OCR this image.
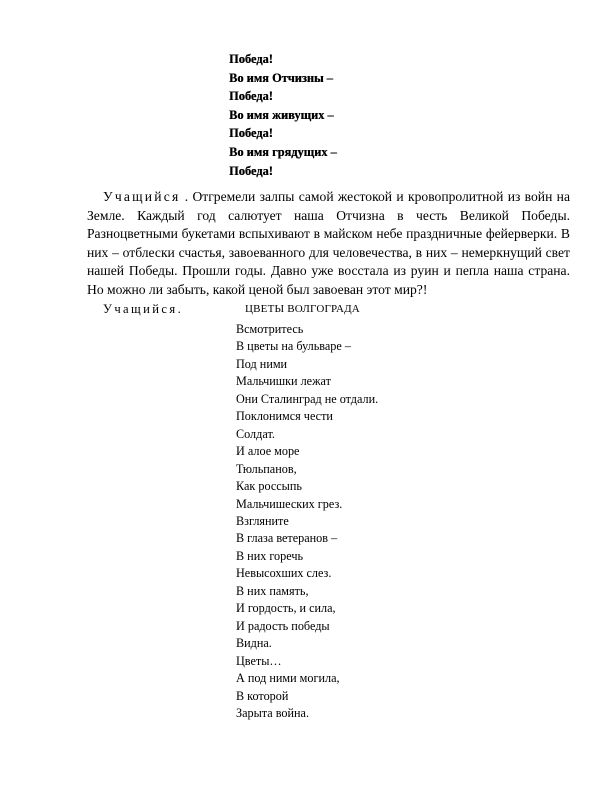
Победа!
Во имя Отчизны –
Победа!
Во имя живущих –
Победа!
Во имя грядущих –
Победа!
Учащийся . Отгремели залпы самой жестокой и кровопролитной из войн на Земле. Каждый год салютует наша Отчизна в честь Великой Победы. Разноцветными букетами вспыхивают в майском небе праздничные фейерверки. В них – отблески счастья, завоеванного для человечества, в них – немеркнущий свет нашей Победы. Прошли годы. Давно уже восстала из руин и пепла наша страна. Но можно ли забыть, какой ценой был завоеван этот мир?!
Учащийся.	ЦВЕТЫ ВОЛГОГРАДА
Всмотритесь
В цветы на бульваре –
Под ними
Мальчишки лежат
Они Сталинград не отдали.
Поклонимся чести
Солдат.
И алое море
Тюльпанов,
Как россыпь
Мальчишеских грез.
Взгляните
В глаза ветеранов –
В них горечь
Невысохших слез.
В них память,
И гордость, и сила,
И радость победы
Видна.
Цветы…
А под ними могила,
В которой
Зарыта война.
